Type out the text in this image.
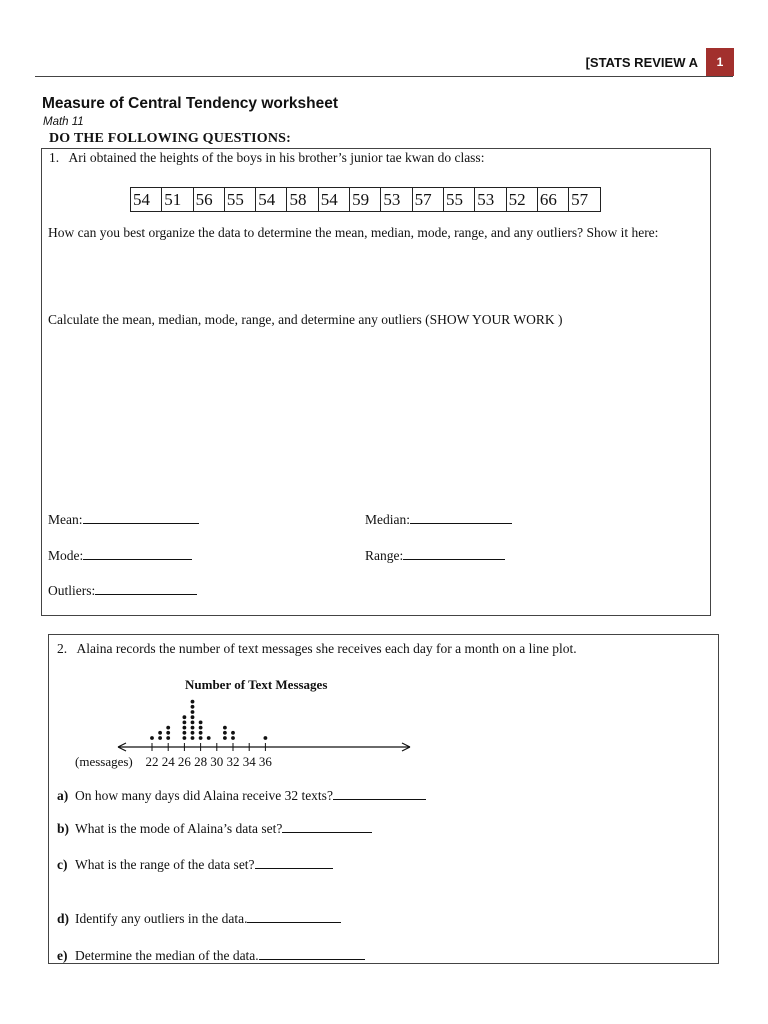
[STATS REVIEW A	1
Measure of Central Tendency worksheet
Math 11
DO THE FOLLOWING QUESTIONS:
1. Ari obtained the heights of the boys in his brother’s junior tae kwan do class:
54 51 56 55 54 58 54 59 53 57 55 53 52 66 57
How can you best organize the data to determine the mean, median, mode, range, and any outliers? Show it here:
Calculate the mean, median, mode, range, and determine any outliers (SHOW YOUR WORK )
Mean:	Median:
Mode:	Range:
Outliers:
2. Alaina records the number of text messages she receives each day for a month on a line plot.
Number of Text Messages
22 24 26 28 30 32 34 36
(messages)
a) On how many days did Alaina receive 32 texts?
b) What is the mode of Alaina’s data set?
c) What is the range of the data set?
d) Identify any outliers in the data.
e) Determine the median of the data.
